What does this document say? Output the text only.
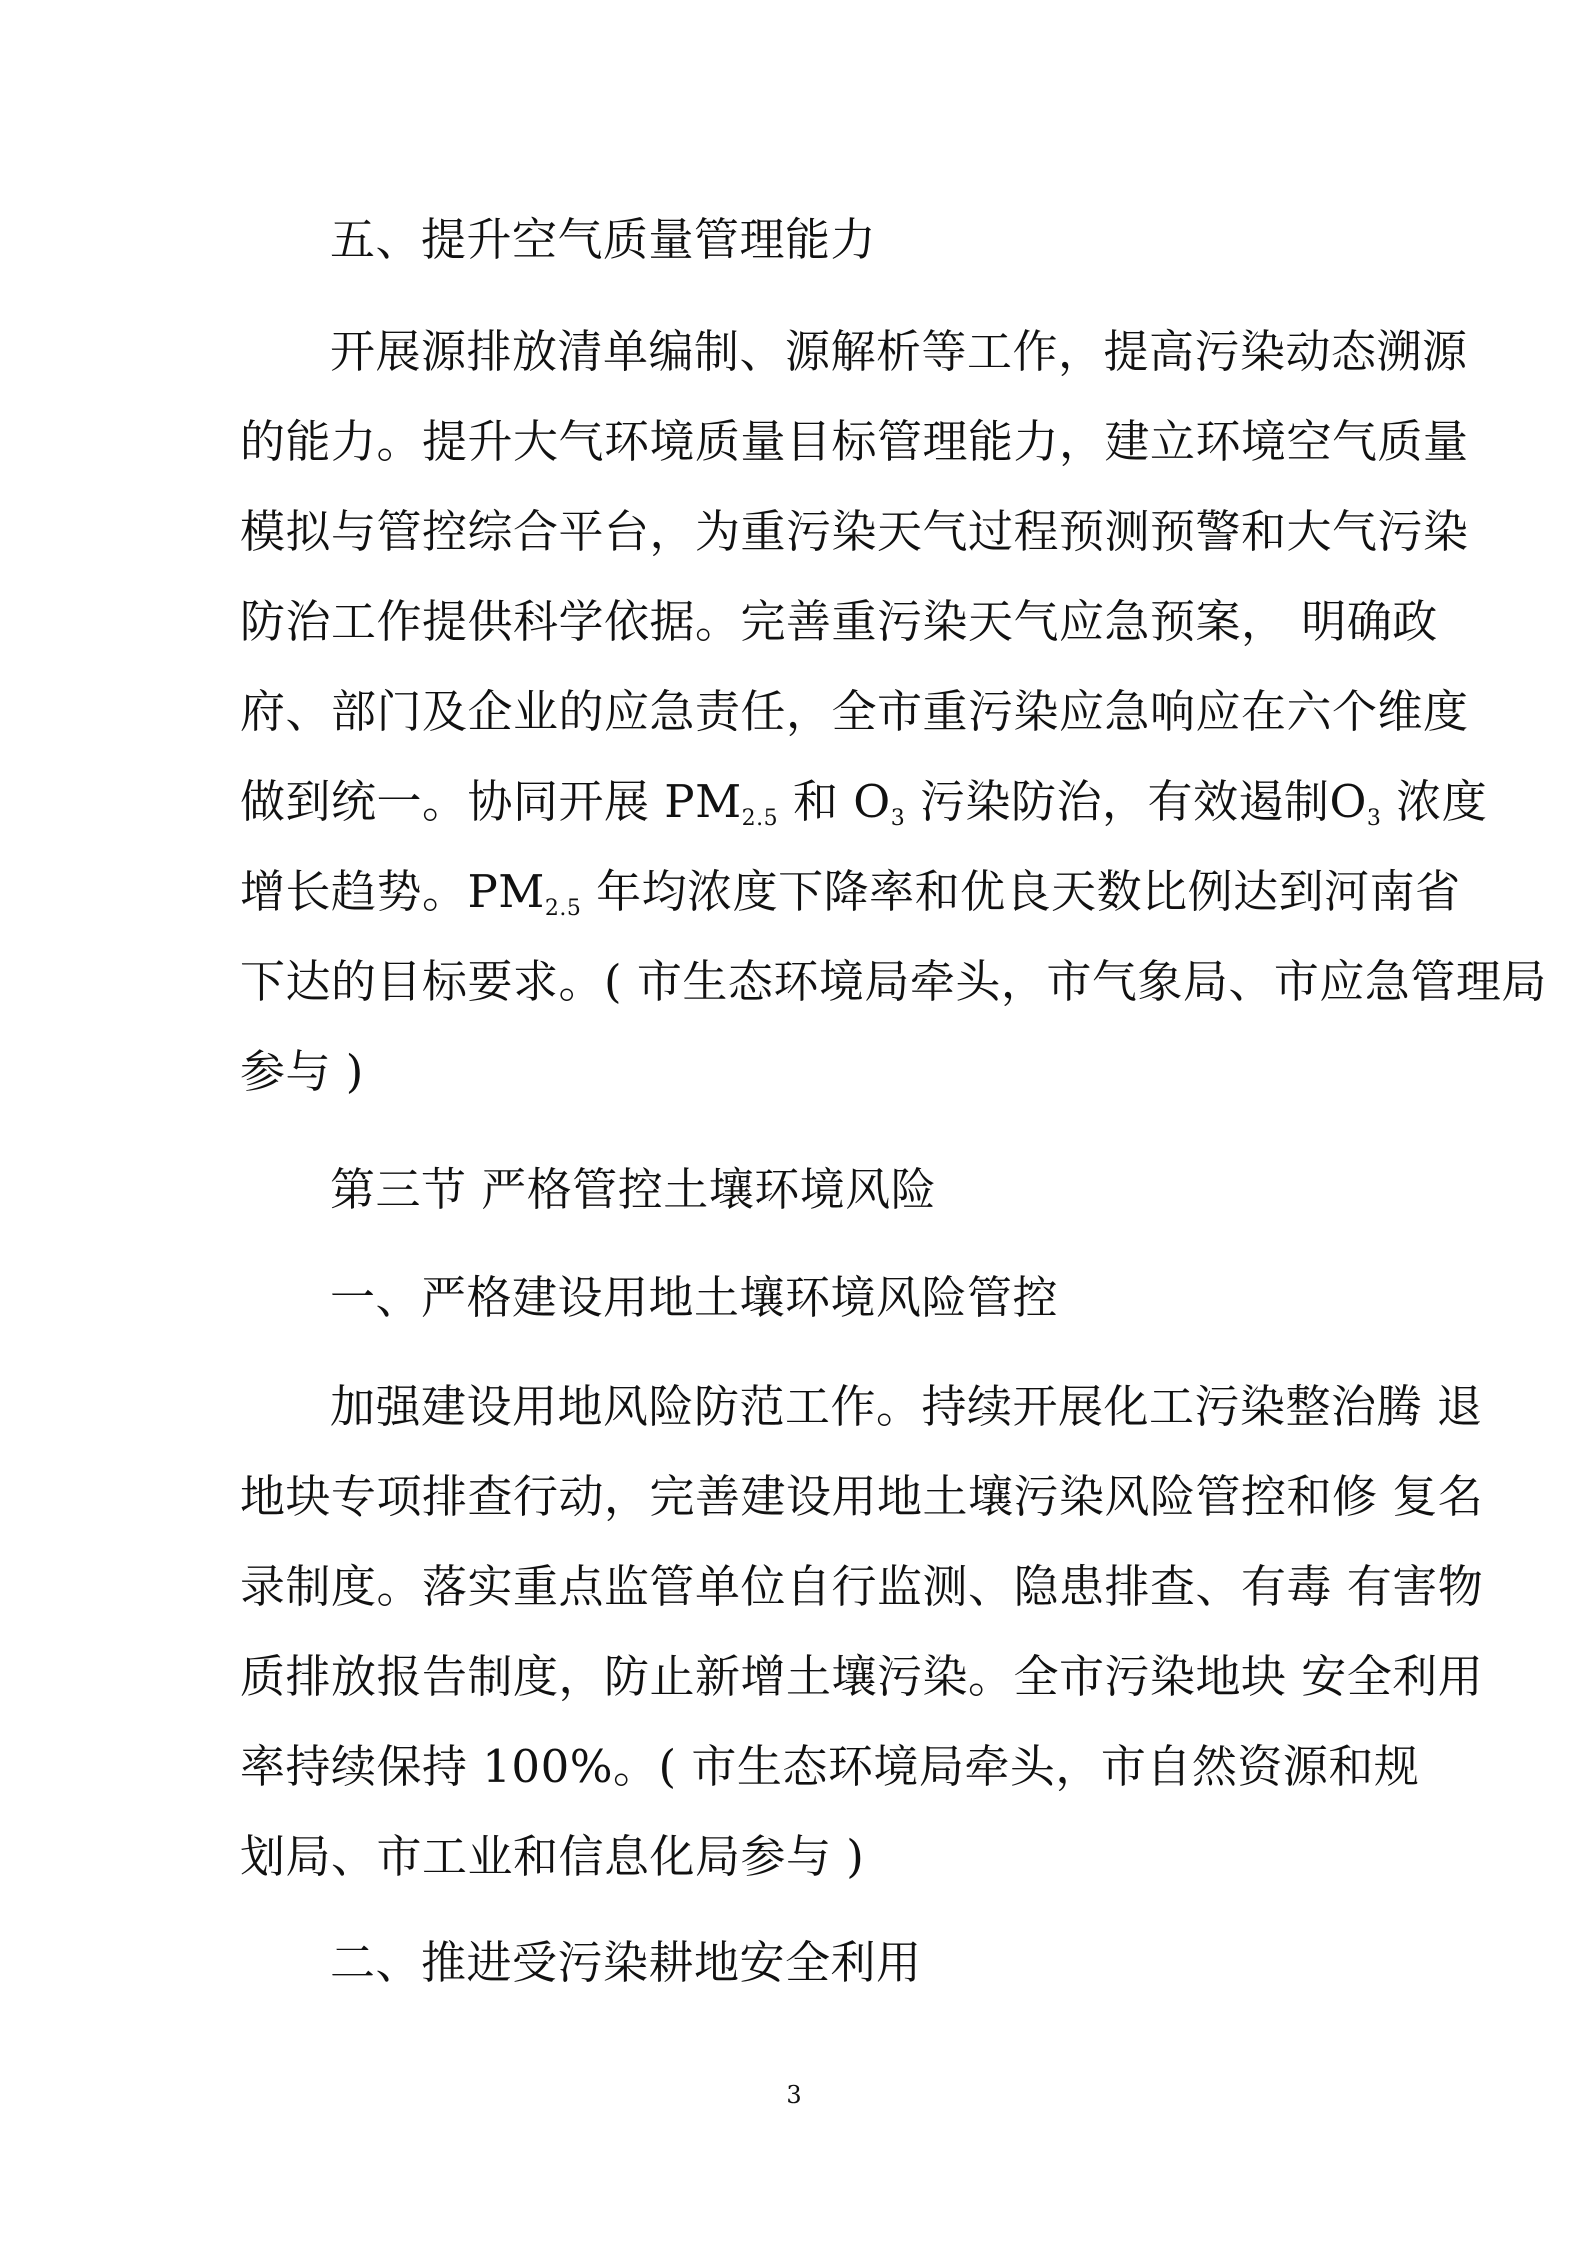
五、提升空气质量管理能力
开展源排放清单编制、源解析等工作，提高污染动态溯源
的能力。提升大气环境质量目标管理能力，建立环境空气质量
模拟与管控综合平台，为重污染天气过程预测预警和大气污染
防治工作提供科学依据。完善重污染天气应急预案， 明确政
府、部门及企业的应急责任，全市重污染应急响应在六个维度
做到统一。协同开展 $PM_{2.5}$ 和 $O_3$ 污染防治，有效遏制$O_3$ 浓度
增长趋势。$PM_{2.5}$ 年均浓度下降率和优良天数比例达到河南省
下达的目标要求。( 市生态环境局牵头，市气象局、市应急管理局
参与 )
第三节 严格管控土壤环境风险
一、严格建设用地土壤环境风险管控
加强建设用地风险防范工作。持续开展化工污染整治腾 退
地块专项排查行动，完善建设用地土壤污染风险管控和修 复名
录制度。落实重点监管单位自行监测、隐患排查、有毒 有害物
质排放报告制度，防止新增土壤污染。全市污染地块 安全利用
率持续保持 100%。( 市生态环境局牵头，市自然资源和规
划局、市工业和信息化局参与 )
二、推进受污染耕地安全利用
3
